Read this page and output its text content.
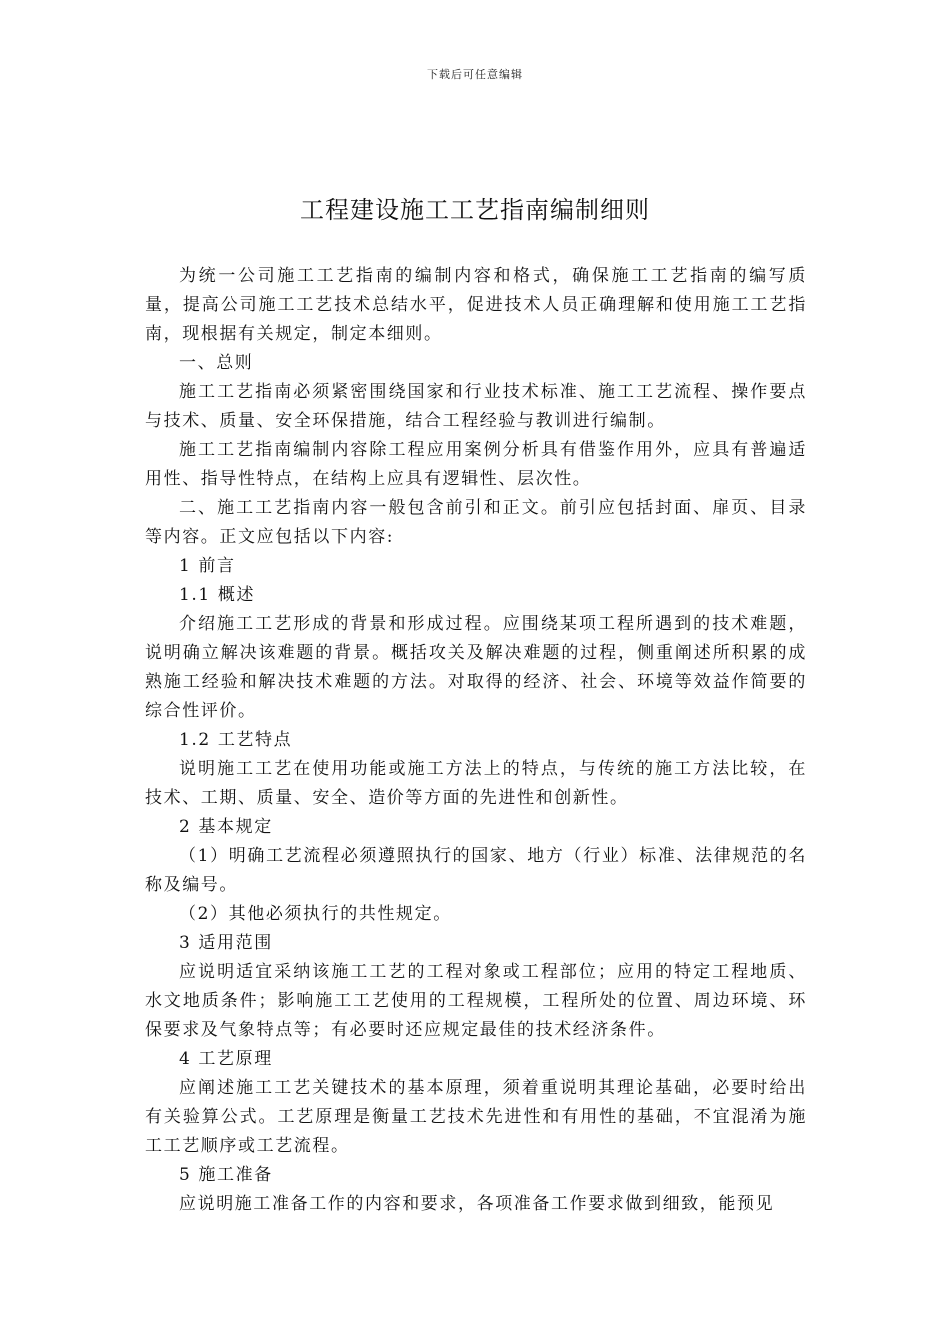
下载后可任意编辑
工程建设施工工艺指南编制细则

为统一公司施工工艺指南的编制内容和格式，确保施工工艺指南的编写质量，提高公司施工工艺技术总结水平，促进技术人员正确理解和使用施工工艺指南，现根据有关规定，制定本细则。

一、总则

施工工艺指南必须紧密围绕国家和行业技术标准、施工工艺流程、操作要点与技术、质量、安全环保措施，结合工程经验与教训进行编制。

施工工艺指南编制内容除工程应用案例分析具有借鉴作用外，应具有普遍适用性、指导性特点，在结构上应具有逻辑性、层次性。

二、施工工艺指南内容一般包含前引和正文。前引应包括封面、扉页、目录等内容。正文应包括以下内容:

1 前言

1.1 概述

介绍施工工艺形成的背景和形成过程。应围绕某项工程所遇到的技术难题，说明确立解决该难题的背景。概括攻关及解决难题的过程，侧重阐述所积累的成熟施工经验和解决技术难题的方法。对取得的经济、社会、环境等效益作简要的综合性评价。

1.2 工艺特点

说明施工工艺在使用功能或施工方法上的特点，与传统的施工方法比较，在技术、工期、质量、安全、造价等方面的先进性和创新性。

2 基本规定

（1）明确工艺流程必须遵照执行的国家、地方（行业）标准、法律规范的名称及编号。

（2）其他必须执行的共性规定。

3 适用范围

应说明适宜采纳该施工工艺的工程对象或工程部位；应用的特定工程地质、水文地质条件；影响施工工艺使用的工程规模，工程所处的位置、周边环境、环保要求及气象特点等；有必要时还应规定最佳的技术经济条件。

4 工艺原理

应阐述施工工艺关键技术的基本原理，须着重说明其理论基础，必要时给出有关验算公式。工艺原理是衡量工艺技术先进性和有用性的基础，不宜混淆为施工工艺顺序或工艺流程。

5 施工准备

应说明施工准备工作的内容和要求，各项准备工作要求做到细致，能预见
